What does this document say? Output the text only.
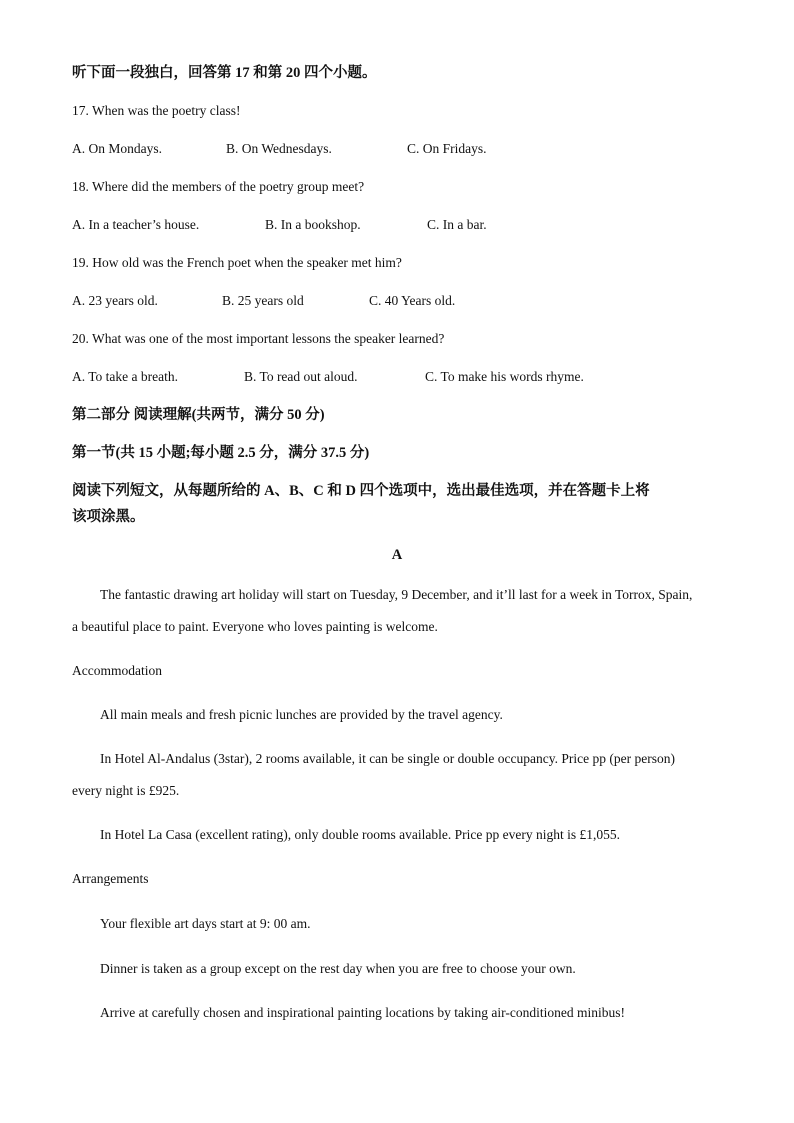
听下面一段独白，回答第 17 和第 20 四个小题。
17. When was the poetry class!
A. On Mondays.	B. On Wednesdays.	C. On Fridays.
18. Where did the members of the poetry group meet?
A. In a teacher’s house.	B. In a bookshop.	C. In a bar.
19. How old was the French poet when the speaker met him?
A. 23 years old.	B. 25 years old	C. 40 Years old.
20. What was one of the most important lessons the speaker learned?
A. To take a breath.	B. To read out aloud.	C. To make his words rhyme.
第二部分 阅读理解(共两节，满分 50 分)
第一节(共 15 小题;每小题 2.5 分，满分 37.5 分)
阅读下列短文，从每题所给的 A、B、C 和 D 四个选项中，选出最佳选项，并在答题卡上将
该项涂黑。
A
The fantastic drawing art holiday will start on Tuesday, 9 December, and it’ll last for a week in Torrox, Spain,
a beautiful place to paint. Everyone who loves painting is welcome.
Accommodation
All main meals and fresh picnic lunches are provided by the travel agency.
In Hotel Al-Andalus (3star), 2 rooms available, it can be single or double occupancy. Price pp (per person)
every night is £925.
In Hotel La Casa (excellent rating), only double rooms available. Price pp every night is £1,055.
Arrangements
Your flexible art days start at 9: 00 am.
Dinner is taken as a group except on the rest day when you are free to choose your own.
Arrive at carefully chosen and inspirational painting locations by taking air-conditioned minibus!
